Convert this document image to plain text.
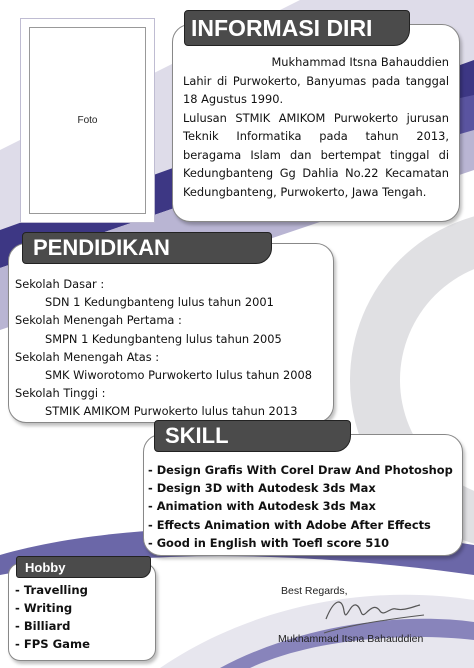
Foto

Mukhammad Itsna Bahauddien

Lahir di Purwokerto, Banyumas pada tanggal 18 Agustus 1990.

Lulusan STMIK AMIKOM Purwokerto jurusan Teknik Informatika pada tahun 2013, beragama Islam dan bertempat tinggal di Kedungbanteng Gg Dahlia No.22 Kecamatan Kedungbanteng, Purwokerto, Jawa Tengah.

INFORMASI DIRI
Sekolah Dasar :
SDN 1 Kedungbanteng lulus tahun 2001
Sekolah Menengah Pertama :
SMPN 1 Kedungbanteng lulus tahun 2005
Sekolah Menengah Atas :
SMK Wiworotomo Purwokerto lulus tahun 2008
Sekolah Tinggi :
STMIK AMIKOM Purwokerto lulus tahun 2013
PENDIDIKAN
- Design Grafis With Corel Draw And Photoshop
- Design 3D with Autodesk 3ds Max
- Animation with Autodesk 3ds Max
- Effects Animation with Adobe After Effects
- Good in English with Toefl score 510
SKILL
- Travelling
- Writing
- Billiard
- FPS Game
Hobby
Best Regards,
Mukhammad Itsna Bahauddien
